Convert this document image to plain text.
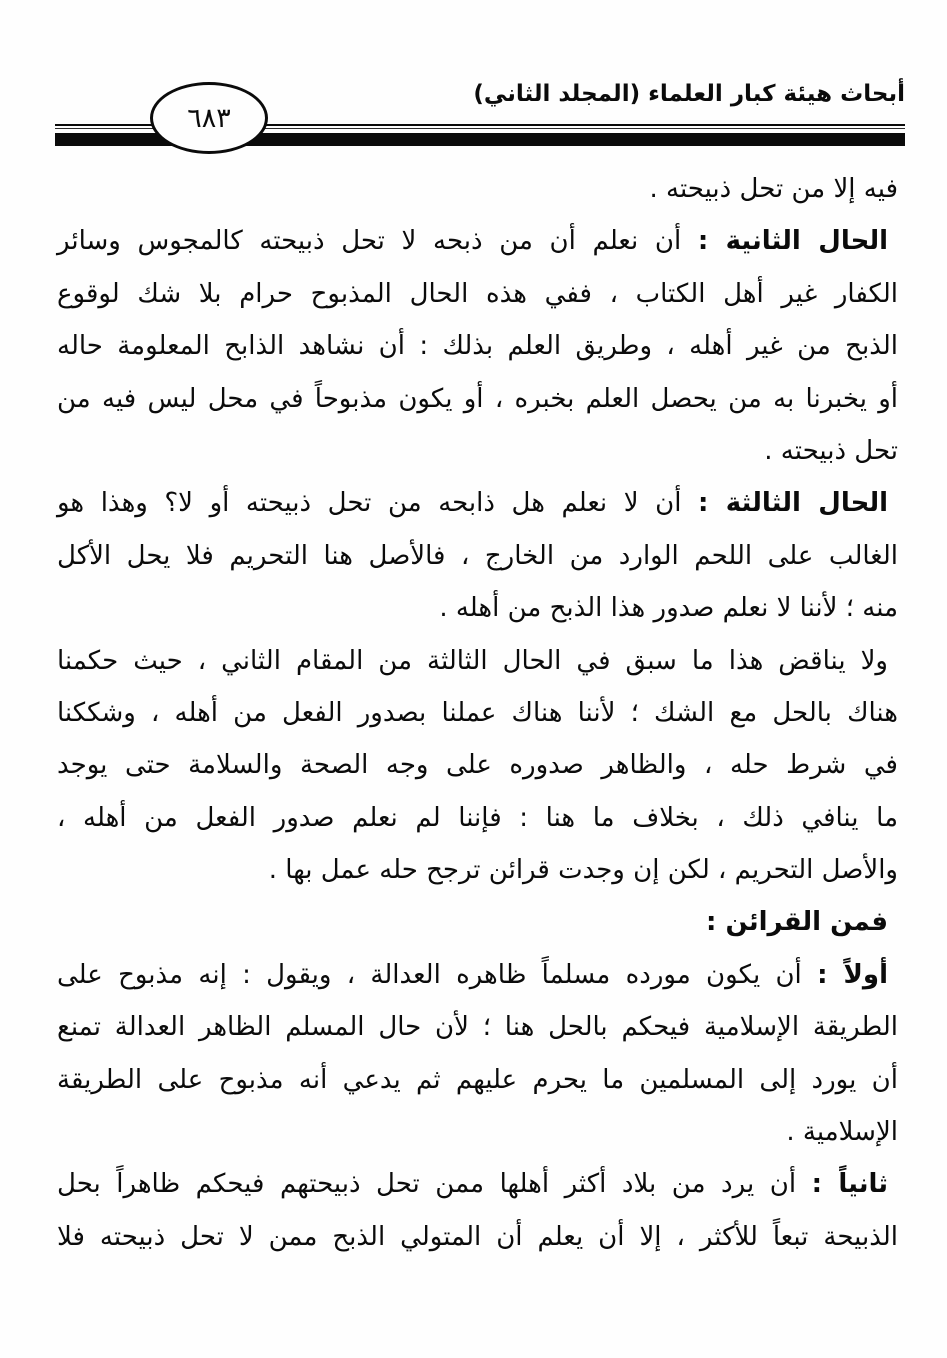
أبحاث هيئة كبار العلماء (المجلد الثاني)
٦٨٣
فيه إلا من تحل ذبيحته .
الحال الثانية : أن نعلم أن من ذبحه لا تحل ذبيحته كالمجوس وسائر
الكفار غير أهل الكتاب ، ففي هذه الحال المذبوح حرام بلا شك لوقوع
الذبح من غير أهله ، وطريق العلم بذلك : أن نشاهد الذابح المعلومة حاله
أو يخبرنا به من يحصل العلم بخبره ، أو يكون مذبوحاً في محل ليس فيه من
تحل ذبيحته .
الحال الثالثة : أن لا نعلم هل ذابحه من تحل ذبيحته أو لا؟ وهذا هو
الغالب على اللحم الوارد من الخارج ، فالأصل هنا التحريم فلا يحل الأكل
منه ؛ لأننا لا نعلم صدور هذا الذبح من أهله .
ولا يناقض هذا ما سبق في الحال الثالثة من المقام الثاني ، حيث حكمنا
هناك بالحل مع الشك ؛ لأننا هناك عملنا بصدور الفعل من أهله ، وشككنا
في شرط حله ، والظاهر صدوره على وجه الصحة والسلامة حتى يوجد
ما ينافي ذلك ، بخلاف ما هنا : فإننا لم نعلم صدور الفعل من أهله ،
والأصل التحريم ، لكن إن وجدت قرائن ترجح حله عمل بها .
فمن القرائن :
أولاً : أن يكون مورده مسلماً ظاهره العدالة ، ويقول : إنه مذبوح على
الطريقة الإسلامية فيحكم بالحل هنا ؛ لأن حال المسلم الظاهر العدالة تمنع
أن يورد إلى المسلمين ما يحرم عليهم ثم يدعي أنه مذبوح على الطريقة
الإسلامية .
ثانياً : أن يرد من بلاد أكثر أهلها ممن تحل ذبيحتهم فيحكم ظاهراً بحل
الذبيحة تبعاً للأكثر ، إلا أن يعلم أن المتولي الذبح ممن لا تحل ذبيحته فلا
